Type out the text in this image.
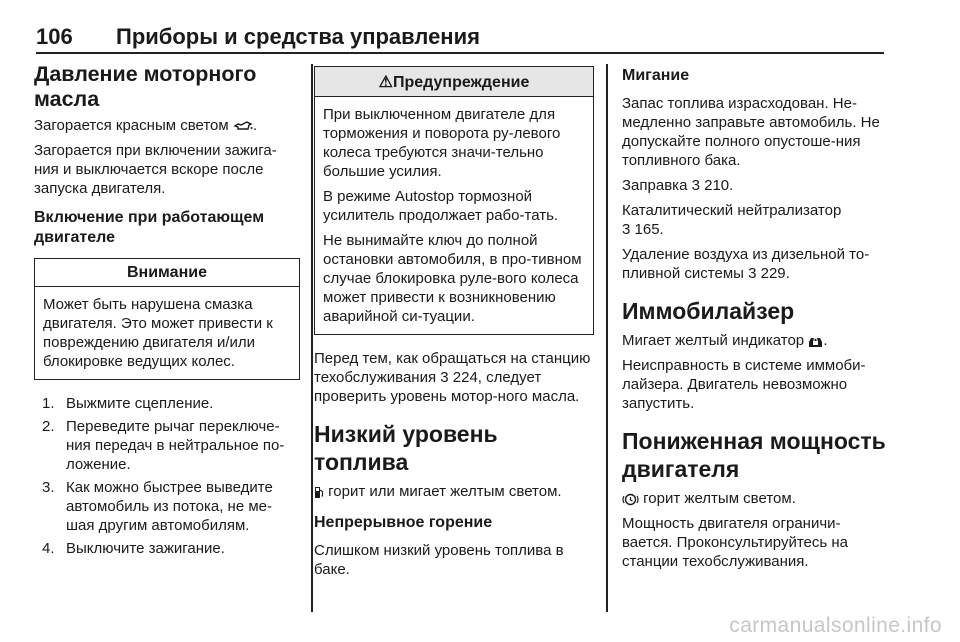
106 Приборы и средства управления
Давление моторного масла

Загорается красным светом .

Загорается при включении зажига-ния и выключается вскоре после запуска двигателя.

Включение при работающем двигателе
Внимание

Может быть нарушена смазка двигателя. Это может привести к повреждению двигателя и/или блокировке ведущих колес.

1. Выжмите сцепление.
2. Переведите рычаг переключе-ния передач в нейтральное по-ложение.
3. Как можно быстрее выведите автомобиль из потока, не ме-шая другим автомобилям.
4. Выключите зажигание.
⚠Предупреждение

При выключенном двигателе для торможения и поворота ру-левого колеса требуются значи-тельно большие усилия.

В режиме Autostop тормозной усилитель продолжает рабо-тать.

Не вынимайте ключ до полной остановки автомобиля, в про-тивном случае блокировка руле-вого колеса может привести к возникновению аварийной си-туации.

Перед тем, как обращаться на станцию техобслуживания 3 224, следует проверить уровень мотор-ного масла.

Низкий уровень топлива

горит или мигает желтым светом.

Непрерывное горение

Слишком низкий уровень топлива в баке.

Мигание

Запас топлива израсходован. Не-медленно заправьте автомобиль. Не допускайте полного опустоше-ния топливного бака.

Заправка 3 210.

Каталитический нейтрализатор
3 165.

Удаление воздуха из дизельной то-пливной системы 3 229.

Иммобилайзер

Мигает желтый индикатор .

Неисправность в системе иммоби-лайзера. Двигатель невозможно запустить.

Пониженная мощность двигателя

горит желтым светом.

Мощность двигателя ограничи-вается. Проконсультируйтесь на станции техобслуживания.

carmanualsonline.info
